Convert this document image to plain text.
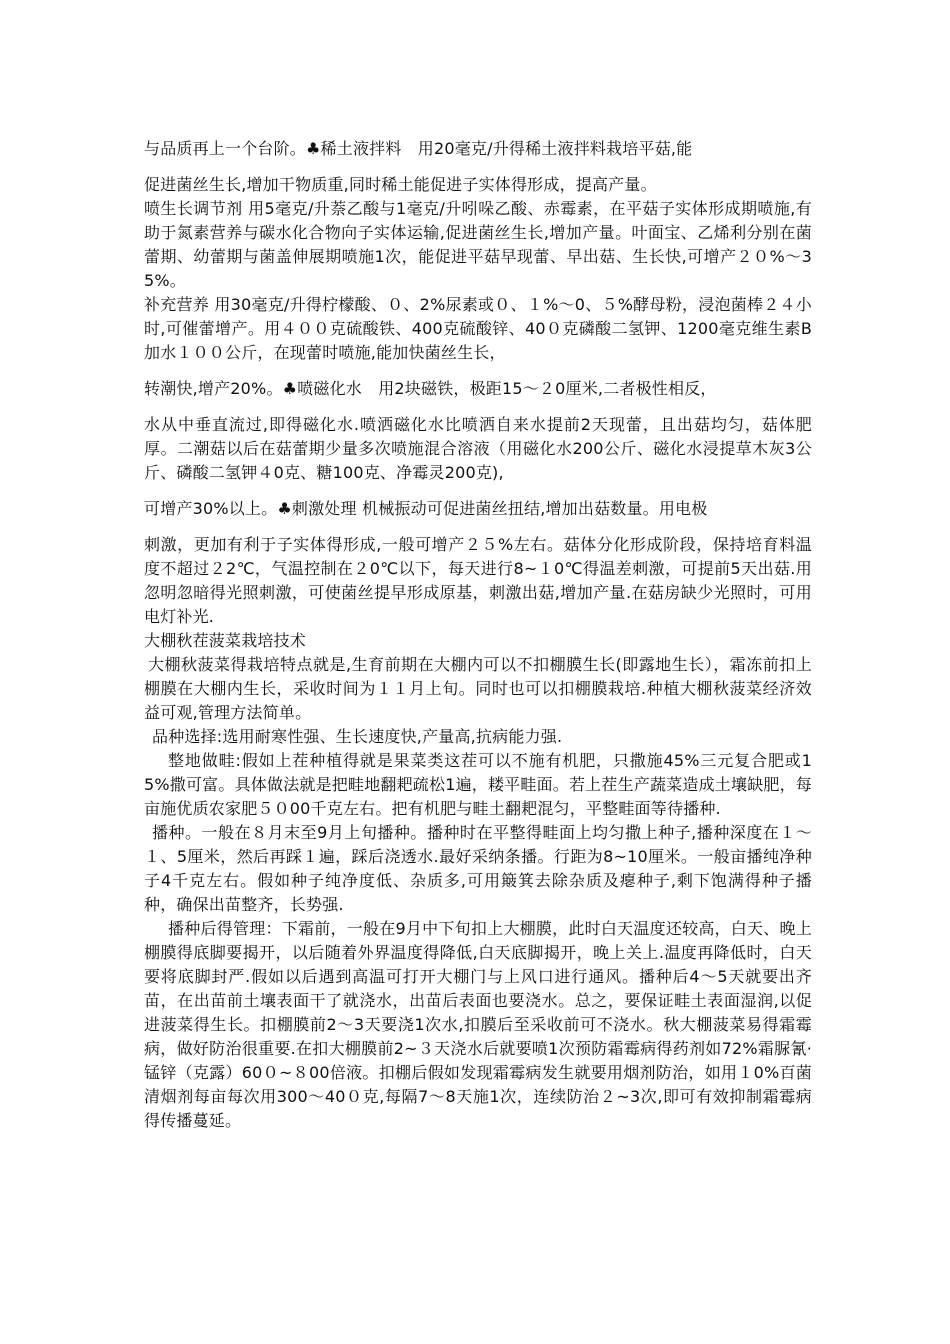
与品质再上一个台阶。♣稀土液拌料　用20毫克/升得稀土液拌料栽培平菇,能

促进菌丝生长,增加干物质重,同时稀土能促进子实体得形成，提高产量。

喷生长调节剂 用5毫克/升萘乙酸与1毫克/升吲哚乙酸、赤霉素，在平菇子实体形成期喷施,有助于氮素营养与碳水化合物向子实体运输,促进菌丝生长,增加产量。叶面宝、乙烯利分别在菌蕾期、幼蕾期与菌盖伸展期喷施1次，能促进平菇早现蕾、早出菇、生长快,可增产２０%～35%。

补充营养 用30毫克/升得柠檬酸、０、2%尿素或０、１%～0、５%酵母粉，浸泡菌棒２４小时,可催蕾增产。用４００克硫酸铁、400克硫酸锌、40０克磷酸二氢钾、1200毫克维生素B加水１００公斤，在现蕾时喷施,能加快菌丝生长，

转潮快,增产20%。♣喷磁化水　用2块磁铁，极距15～２0厘米,二者极性相反，

水从中垂直流过,即得磁化水.喷洒磁化水比喷洒自来水提前2天现蕾，且出菇均匀，菇体肥厚。二潮菇以后在菇蕾期少量多次喷施混合溶液（用磁化水200公斤、磁化水浸提草木灰3公斤、磷酸二氢钾４0克、糖100克、净霉灵200克),

可增产30%以上。♣刺激处理 机械振动可促进菌丝扭结,增加出菇数量。用电极

刺激，更加有利于子实体得形成,一般可增产２５%左右。菇体分化形成阶段，保持培育料温度不超过２2℃，气温控制在２0℃以下，每天进行8~１0℃得温差刺激，可提前5天出菇.用忽明忽暗得光照刺激，可使菌丝提早形成原基，刺激出菇,增加产量.在菇房缺少光照时，可用电灯补光.

大棚秋茬菠菜栽培技术

大棚秋菠菜得栽培特点就是,生育前期在大棚内可以不扣棚膜生长(即露地生长），霜冻前扣上棚膜在大棚内生长，采收时间为１１月上旬。同时也可以扣棚膜栽培.种植大棚秋菠菜经济效益可观,管理方法简单。

品种选择:选用耐寒性强、生长速度快,产量高,抗病能力强.

整地做畦:假如上茬种植得就是果菜类这茬可以不施有机肥，只撒施45%三元复合肥或15%撒可富。具体做法就是把畦地翻耙疏松1遍，耧平畦面。若上茬生产蔬菜造成土壤缺肥，每亩施优质农家肥５０00千克左右。把有机肥与畦土翻耙混匀，平整畦面等待播种.

播种。一般在８月末至9月上旬播种。播种时在平整得畦面上均匀撒上种子,播种深度在１～１、5厘米，然后再踩１遍，踩后浇透水.最好采纳条播。行距为8~10厘米。一般亩播纯净种子4千克左右。假如种子纯净度低、杂质多,可用簸箕去除杂质及瘪种子,剩下饱满得种子播种，确保出苗整齐，长势强.

播种后得管理：下霜前，一般在9月中下旬扣上大棚膜，此时白天温度还较高，白天、晚上棚膜得底脚要揭开，以后随着外界温度得降低,白天底脚揭开，晚上关上.温度再降低时，白天要将底脚封严.假如以后遇到高温可打开大棚门与上风口进行通风。播种后4～5天就要出齐苗，在出苗前土壤表面干了就浇水，出苗后表面也要浇水。总之，要保证畦土表面湿润,以促进菠菜得生长。扣棚膜前2～3天要浇1次水,扣膜后至采收前可不浇水。秋大棚菠菜易得霜霉病，做好防治很重要.在扣大棚膜前2~３天浇水后就要喷1次预防霜霉病得药剂如72%霜脲氰·锰锌（克露）60０~８00倍液。扣棚后假如发现霜霉病发生就要用烟剂防治，如用１0%百菌清烟剂每亩每次用300～40０克,每隔7～8天施1次，连续防治２~3次,即可有效抑制霜霉病得传播蔓延。
